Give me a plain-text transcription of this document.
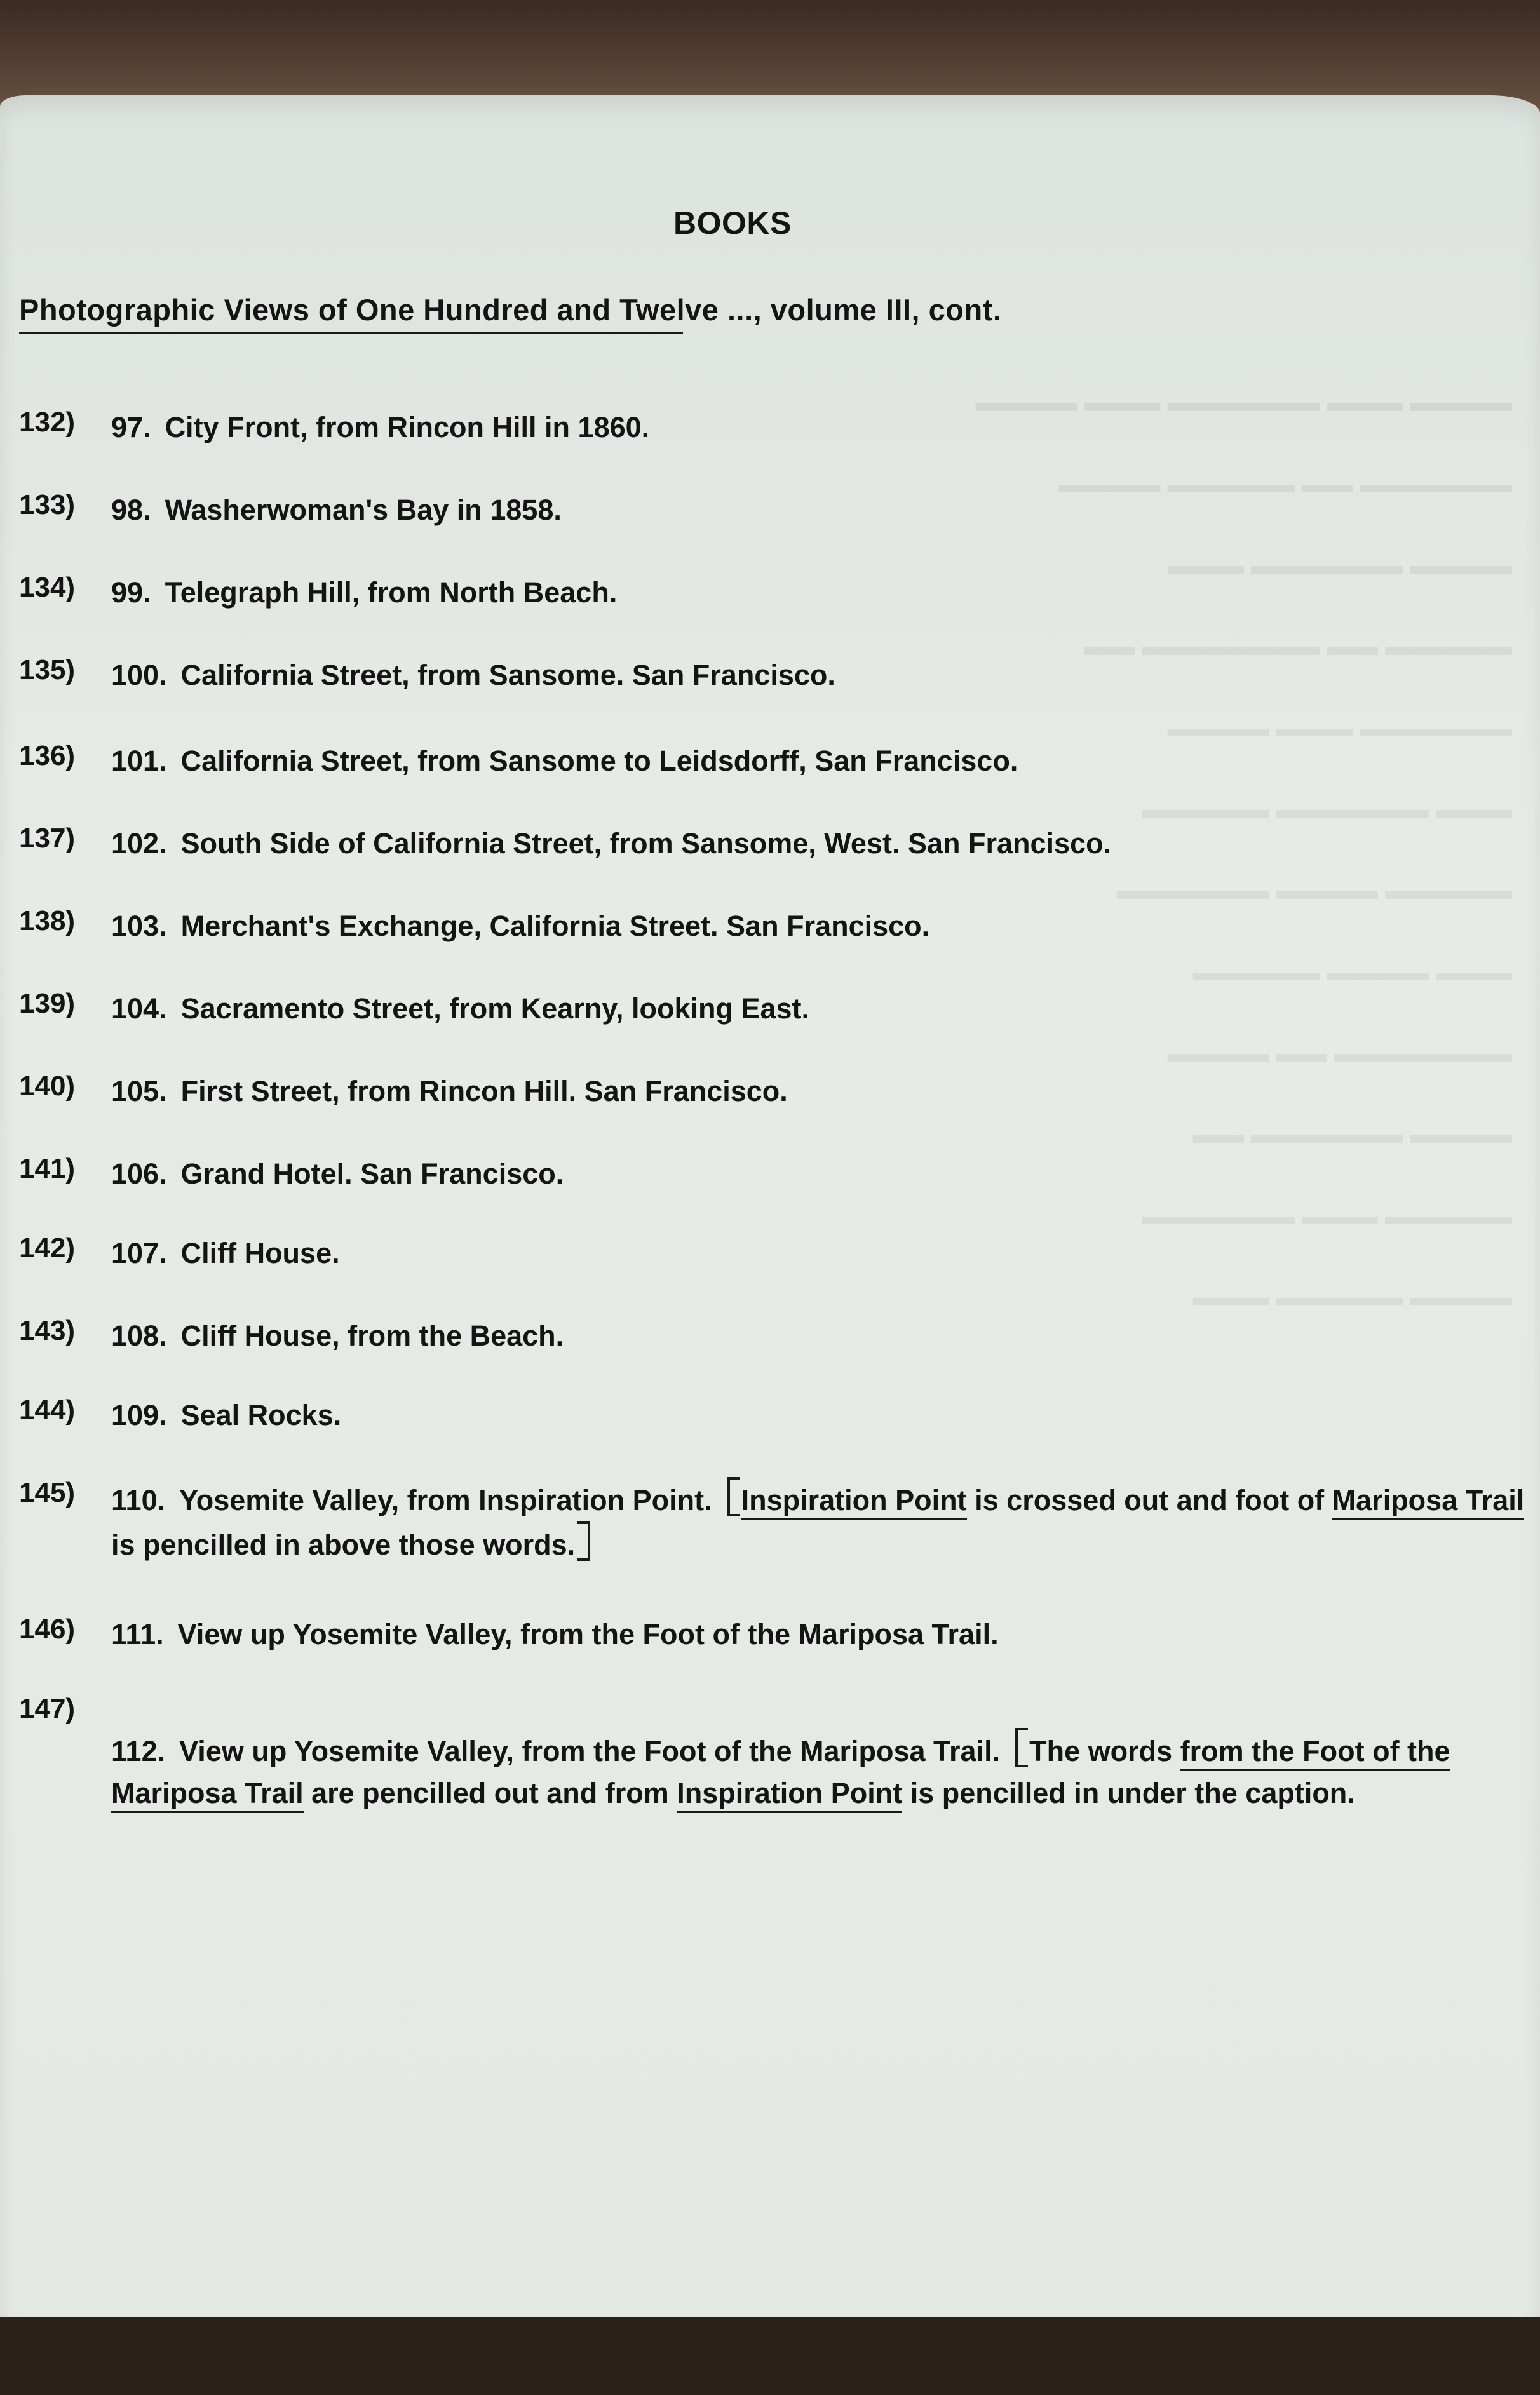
▬▬▬▬ ▬▬▬ ▬▬▬▬▬▬ ▬▬▬ ▬▬▬▬
▬▬▬▬▬▬ ▬▬ ▬▬▬▬▬ ▬▬▬▬
▬▬▬▬ ▬▬▬▬▬▬ ▬▬▬
▬▬▬▬▬ ▬▬ ▬▬▬▬▬▬▬ ▬▬
▬▬▬▬▬▬ ▬▬▬ ▬▬▬▬
▬▬▬ ▬▬▬▬▬▬ ▬▬▬▬▬
▬▬▬▬▬ ▬▬▬▬ ▬▬▬▬▬▬
▬▬▬ ▬▬▬▬ ▬▬▬▬▬
▬▬▬▬▬▬▬ ▬▬ ▬▬▬▬
▬▬▬▬ ▬▬▬▬▬▬ ▬▬
▬▬▬▬▬ ▬▬▬ ▬▬▬▬▬▬
▬▬▬▬ ▬▬▬▬▬ ▬▬▬
BOOKS
Photographic Views of One Hundred and Twelve ..., volume III, cont.
132) 97. City Front, from Rincon Hill in 1860.
133) 98. Washerwoman's Bay in 1858.
134) 99. Telegraph Hill, from North Beach.
135) 100. California Street, from Sansome. San Francisco.
136) 101. California Street, from Sansome to Leidsdorff, San Francisco.
137) 102. South Side of California Street, from Sansome, West. San Francisco.
138) 103. Merchant's Exchange, California Street. San Francisco.
139) 104. Sacramento Street, from Kearny, looking East.
140) 105. First Street, from Rincon Hill. San Francisco.
141) 106. Grand Hotel. San Francisco.
142) 107. Cliff House.
143) 108. Cliff House, from the Beach.
144) 109. Seal Rocks.
145) 110. Yosemite Valley, from Inspiration Point. Inspiration Point is crossed out and foot of Mariposa Trail is pencilled in above those words.
146) 111. View up Yosemite Valley, from the Foot of the Mariposa Trail.
147)
112. View up Yosemite Valley, from the Foot of the Mariposa Trail. The words from the Foot of the Mariposa Trail are pencilled out and from Inspiration Point is pencilled in under the caption.
